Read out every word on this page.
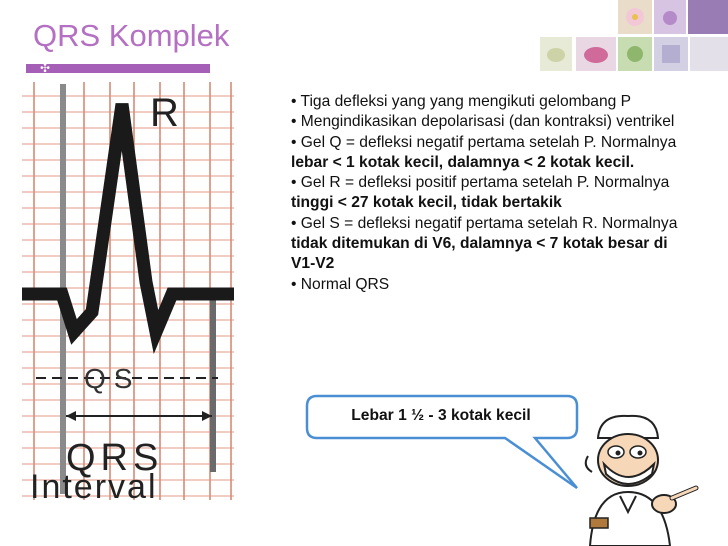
QRS Komplek
✣
R
QS
QRS
Interval

• Tiga defleksi yang yang mengikuti gelombang P

• Mengindikasikan depolarisasi (dan kontraksi) ventrikel

• Gel Q = defleksi negatif pertama setelah P. Normalnya lebar < 1 kotak kecil, dalamnya < 2 kotak kecil.

• Gel R = defleksi positif pertama setelah P. Normalnya tinggi < 27 kotak kecil, tidak bertakik

• Gel S = defleksi negatif pertama setelah R. Normalnya tidak ditemukan di V6, dalamnya < 7 kotak besar di V1-V2

• Normal QRS

Lebar 1 ½ - 3 kotak kecil
